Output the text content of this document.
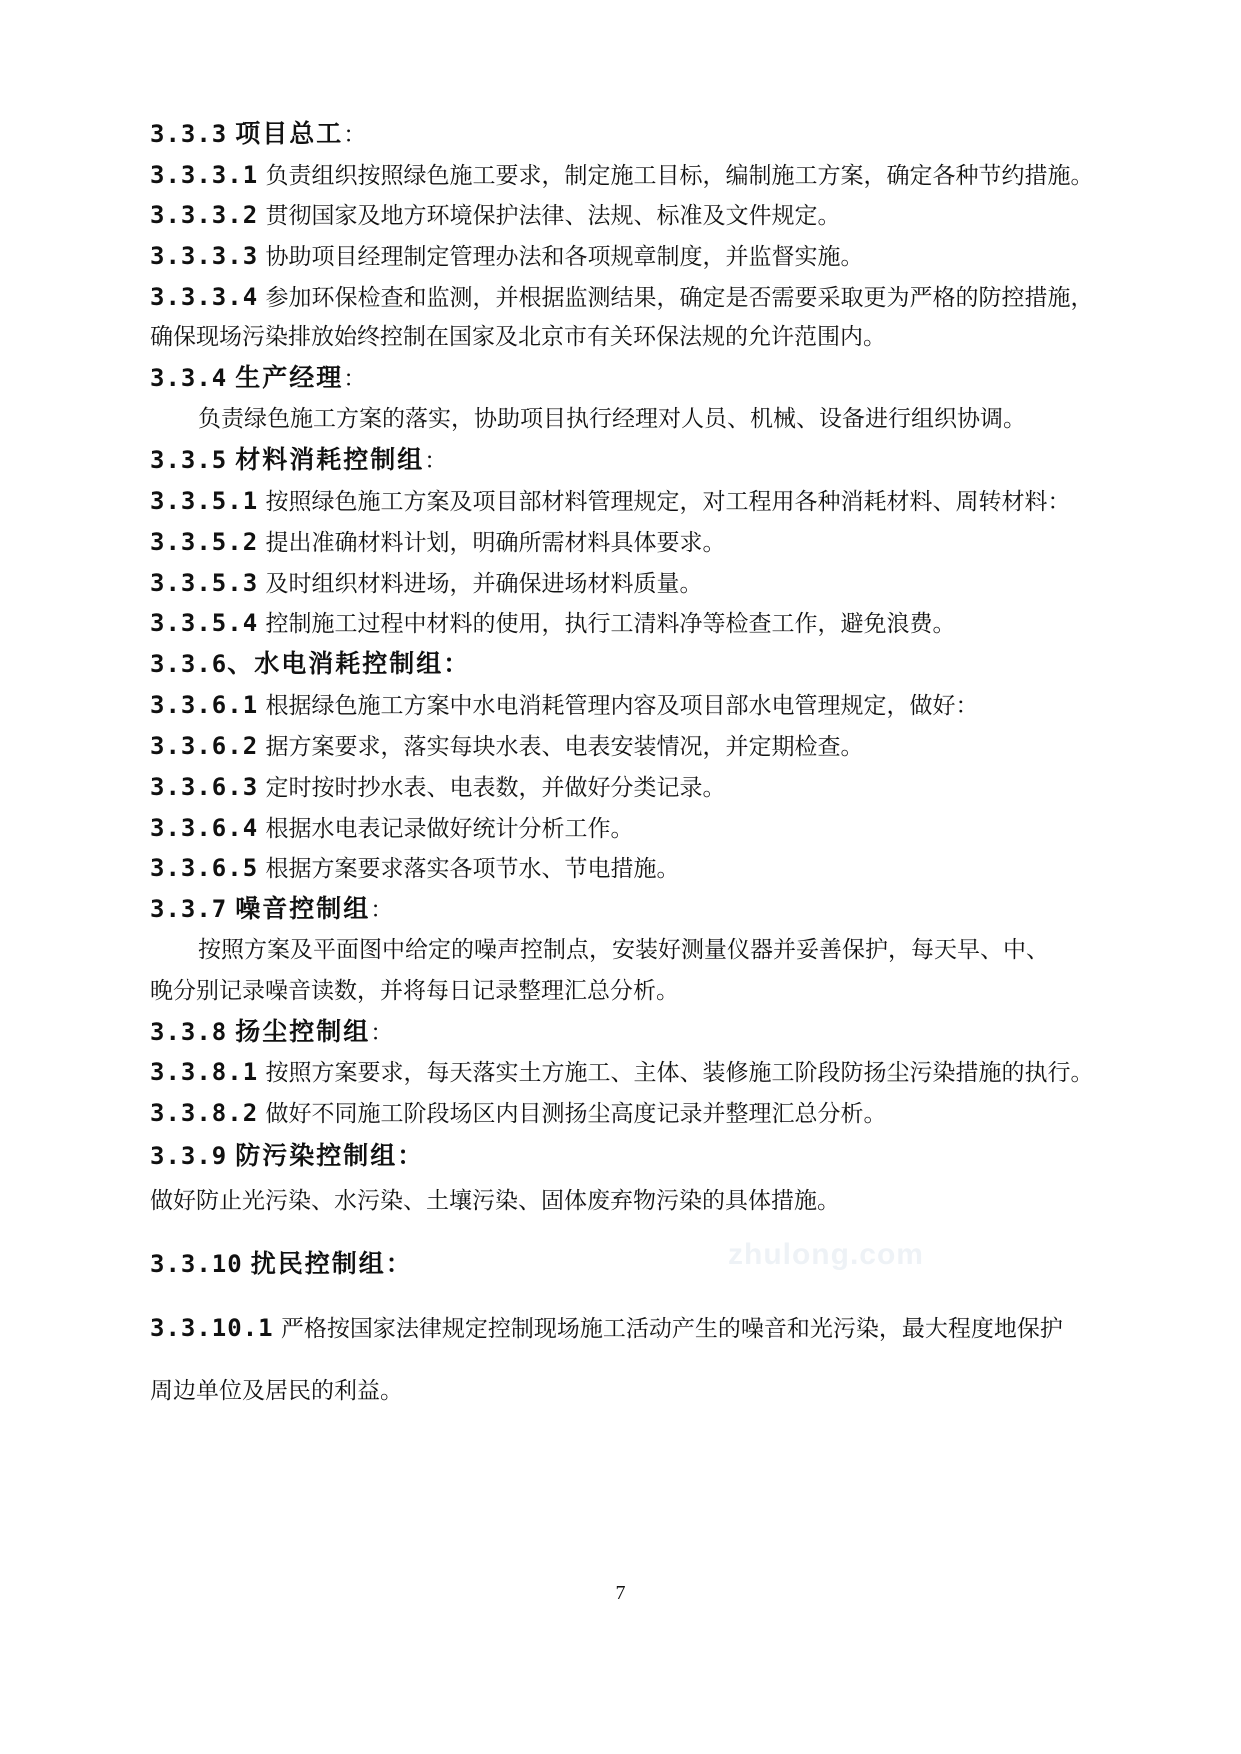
3.3.3 项目总工：
3.3.3.1 负责组织按照绿色施工要求，制定施工目标，编制施工方案，确定各种节约措施。
3.3.3.2 贯彻国家及地方环境保护法律、法规、标准及文件规定。
3.3.3.3 协助项目经理制定管理办法和各项规章制度，并监督实施。
3.3.3.4 参加环保检查和监测，并根据监测结果，确定是否需要采取更为严格的防控措施，
确保现场污染排放始终控制在国家及北京市有关环保法规的允许范围内。
3.3.4 生产经理：
负责绿色施工方案的落实，协助项目执行经理对人员、机械、设备进行组织协调。
3.3.5 材料消耗控制组：
3.3.5.1 按照绿色施工方案及项目部材料管理规定，对工程用各种消耗材料、周转材料：
3.3.5.2 提出准确材料计划，明确所需材料具体要求。
3.3.5.3 及时组织材料进场，并确保进场材料质量。
3.3.5.4 控制施工过程中材料的使用，执行工清料净等检查工作，避免浪费。
3.3.6、水电消耗控制组：
3.3.6.1 根据绿色施工方案中水电消耗管理内容及项目部水电管理规定，做好：
3.3.6.2 据方案要求，落实每块水表、电表安装情况，并定期检查。
3.3.6.3 定时按时抄水表、电表数，并做好分类记录。
3.3.6.4 根据水电表记录做好统计分析工作。
3.3.6.5 根据方案要求落实各项节水、节电措施。
3.3.7 噪音控制组：
按照方案及平面图中给定的噪声控制点，安装好测量仪器并妥善保护，每天早、中、
晚分别记录噪音读数，并将每日记录整理汇总分析。
3.3.8 扬尘控制组：
3.3.8.1 按照方案要求，每天落实土方施工、主体、装修施工阶段防扬尘污染措施的执行。
3.3.8.2 做好不同施工阶段场区内目测扬尘高度记录并整理汇总分析。
3.3.9 防污染控制组：
做好防止光污染、水污染、土壤污染、固体废弃物污染的具体措施。
3.3.10 扰民控制组：
3.3.10.1 严格按国家法律规定控制现场施工活动产生的噪音和光污染，最大程度地保护
周边单位及居民的利益。
zhulong.com
7
